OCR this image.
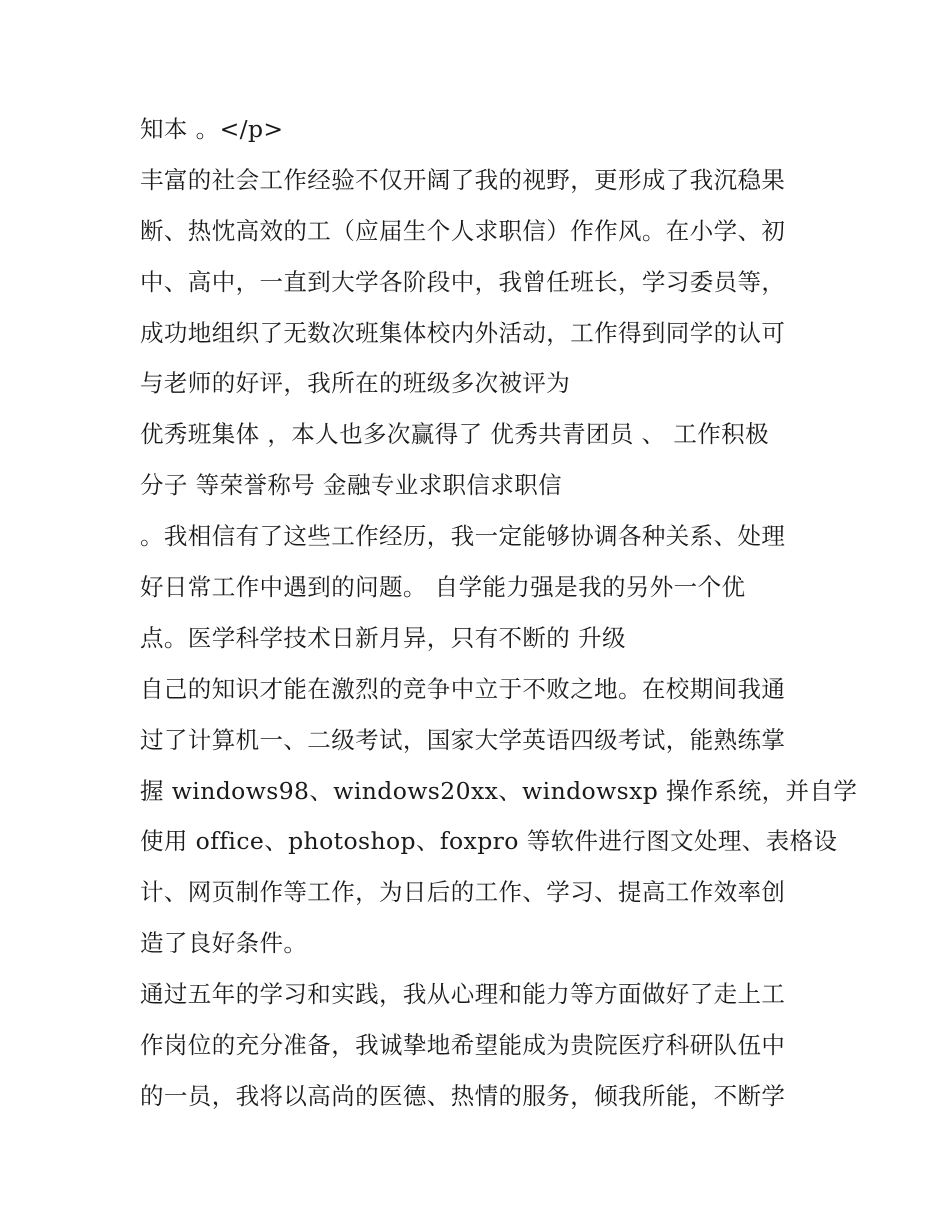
知本 。</p>

丰富的社会工作经验不仅开阔了我的视野，更形成了我沉稳果

断、热忱高效的工（应届生个人求职信）作作风。在小学、初

中、高中，一直到大学各阶段中，我曾任班长，学习委员等，

成功地组织了无数次班集体校内外活动，工作得到同学的认可

与老师的好评，我所在的班级多次被评为

优秀班集体 ，本人也多次赢得了 优秀共青团员 、 工作积极

分子 等荣誉称号 金融专业求职信求职信

。我相信有了这些工作经历，我一定能够协调各种关系、处理

好日常工作中遇到的问题。 自学能力强是我的另外一个优

点。医学科学技术日新月异，只有不断的 升级

自己的知识才能在激烈的竞争中立于不败之地。在校期间我通

过了计算机一、二级考试，国家大学英语四级考试，能熟练掌

握 windows98、windows20xx、windowsxp 操作系统，并自学

使用 office、photoshop、foxpro 等软件进行图文处理、表格设

计、网页制作等工作，为日后的工作、学习、提高工作效率创

造了良好条件。

通过五年的学习和实践，我从心理和能力等方面做好了走上工

作岗位的充分准备，我诚挚地希望能成为贵院医疗科研队伍中

的一员，我将以高尚的医德、热情的服务，倾我所能，不断学
